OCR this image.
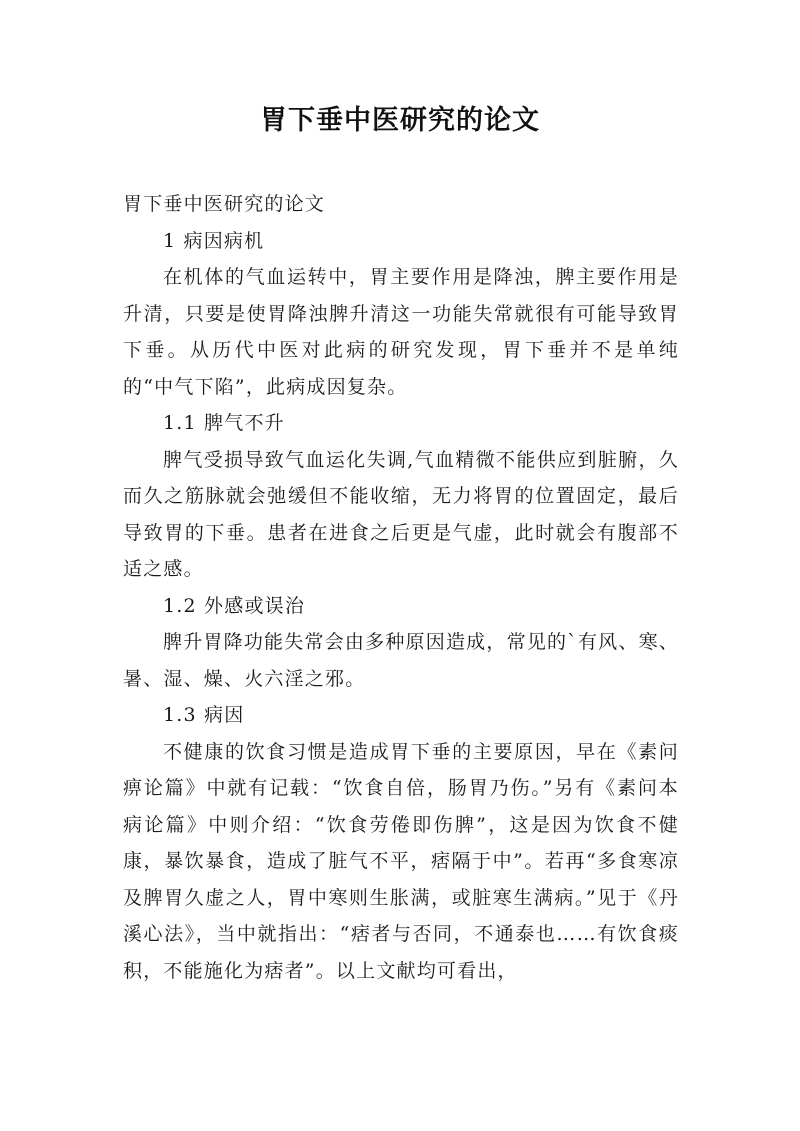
胃下垂中医研究的论文

胃下垂中医研究的论文

1 病因病机

在机体的气血运转中，胃主要作用是降浊，脾主要作用是升清，只要是使胃降浊脾升清这一功能失常就很有可能导致胃下垂。从历代中医对此病的研究发现，胃下垂并不是单纯的“中气下陷”，此病成因复杂。

1.1 脾气不升

脾气受损导致气血运化失调,气血精微不能供应到脏腑，久而久之筋脉就会弛缓但不能收缩，无力将胃的位置固定，最后导致胃的下垂。患者在进食之后更是气虚，此时就会有腹部不适之感。

1.2 外感或误治

脾升胃降功能失常会由多种原因造成，常见的`有风、寒、暑、湿、燥、火六淫之邪。

1.3 病因

不健康的饮食习惯是造成胃下垂的主要原因，早在《素问痹论篇》中就有记载：“饮食自倍，肠胃乃伤。”另有《素问本病论篇》中则介绍：“饮食劳倦即伤脾”，这是因为饮食不健康，暴饮暴食，造成了脏气不平，痞隔于中”。若再“多食寒凉及脾胃久虚之人，胃中寒则生胀满，或脏寒生满病。”见于《丹溪心法》，当中就指出：“痞者与否同，不通泰也……有饮食痰积，不能施化为痞者”。以上文献均可看出，
